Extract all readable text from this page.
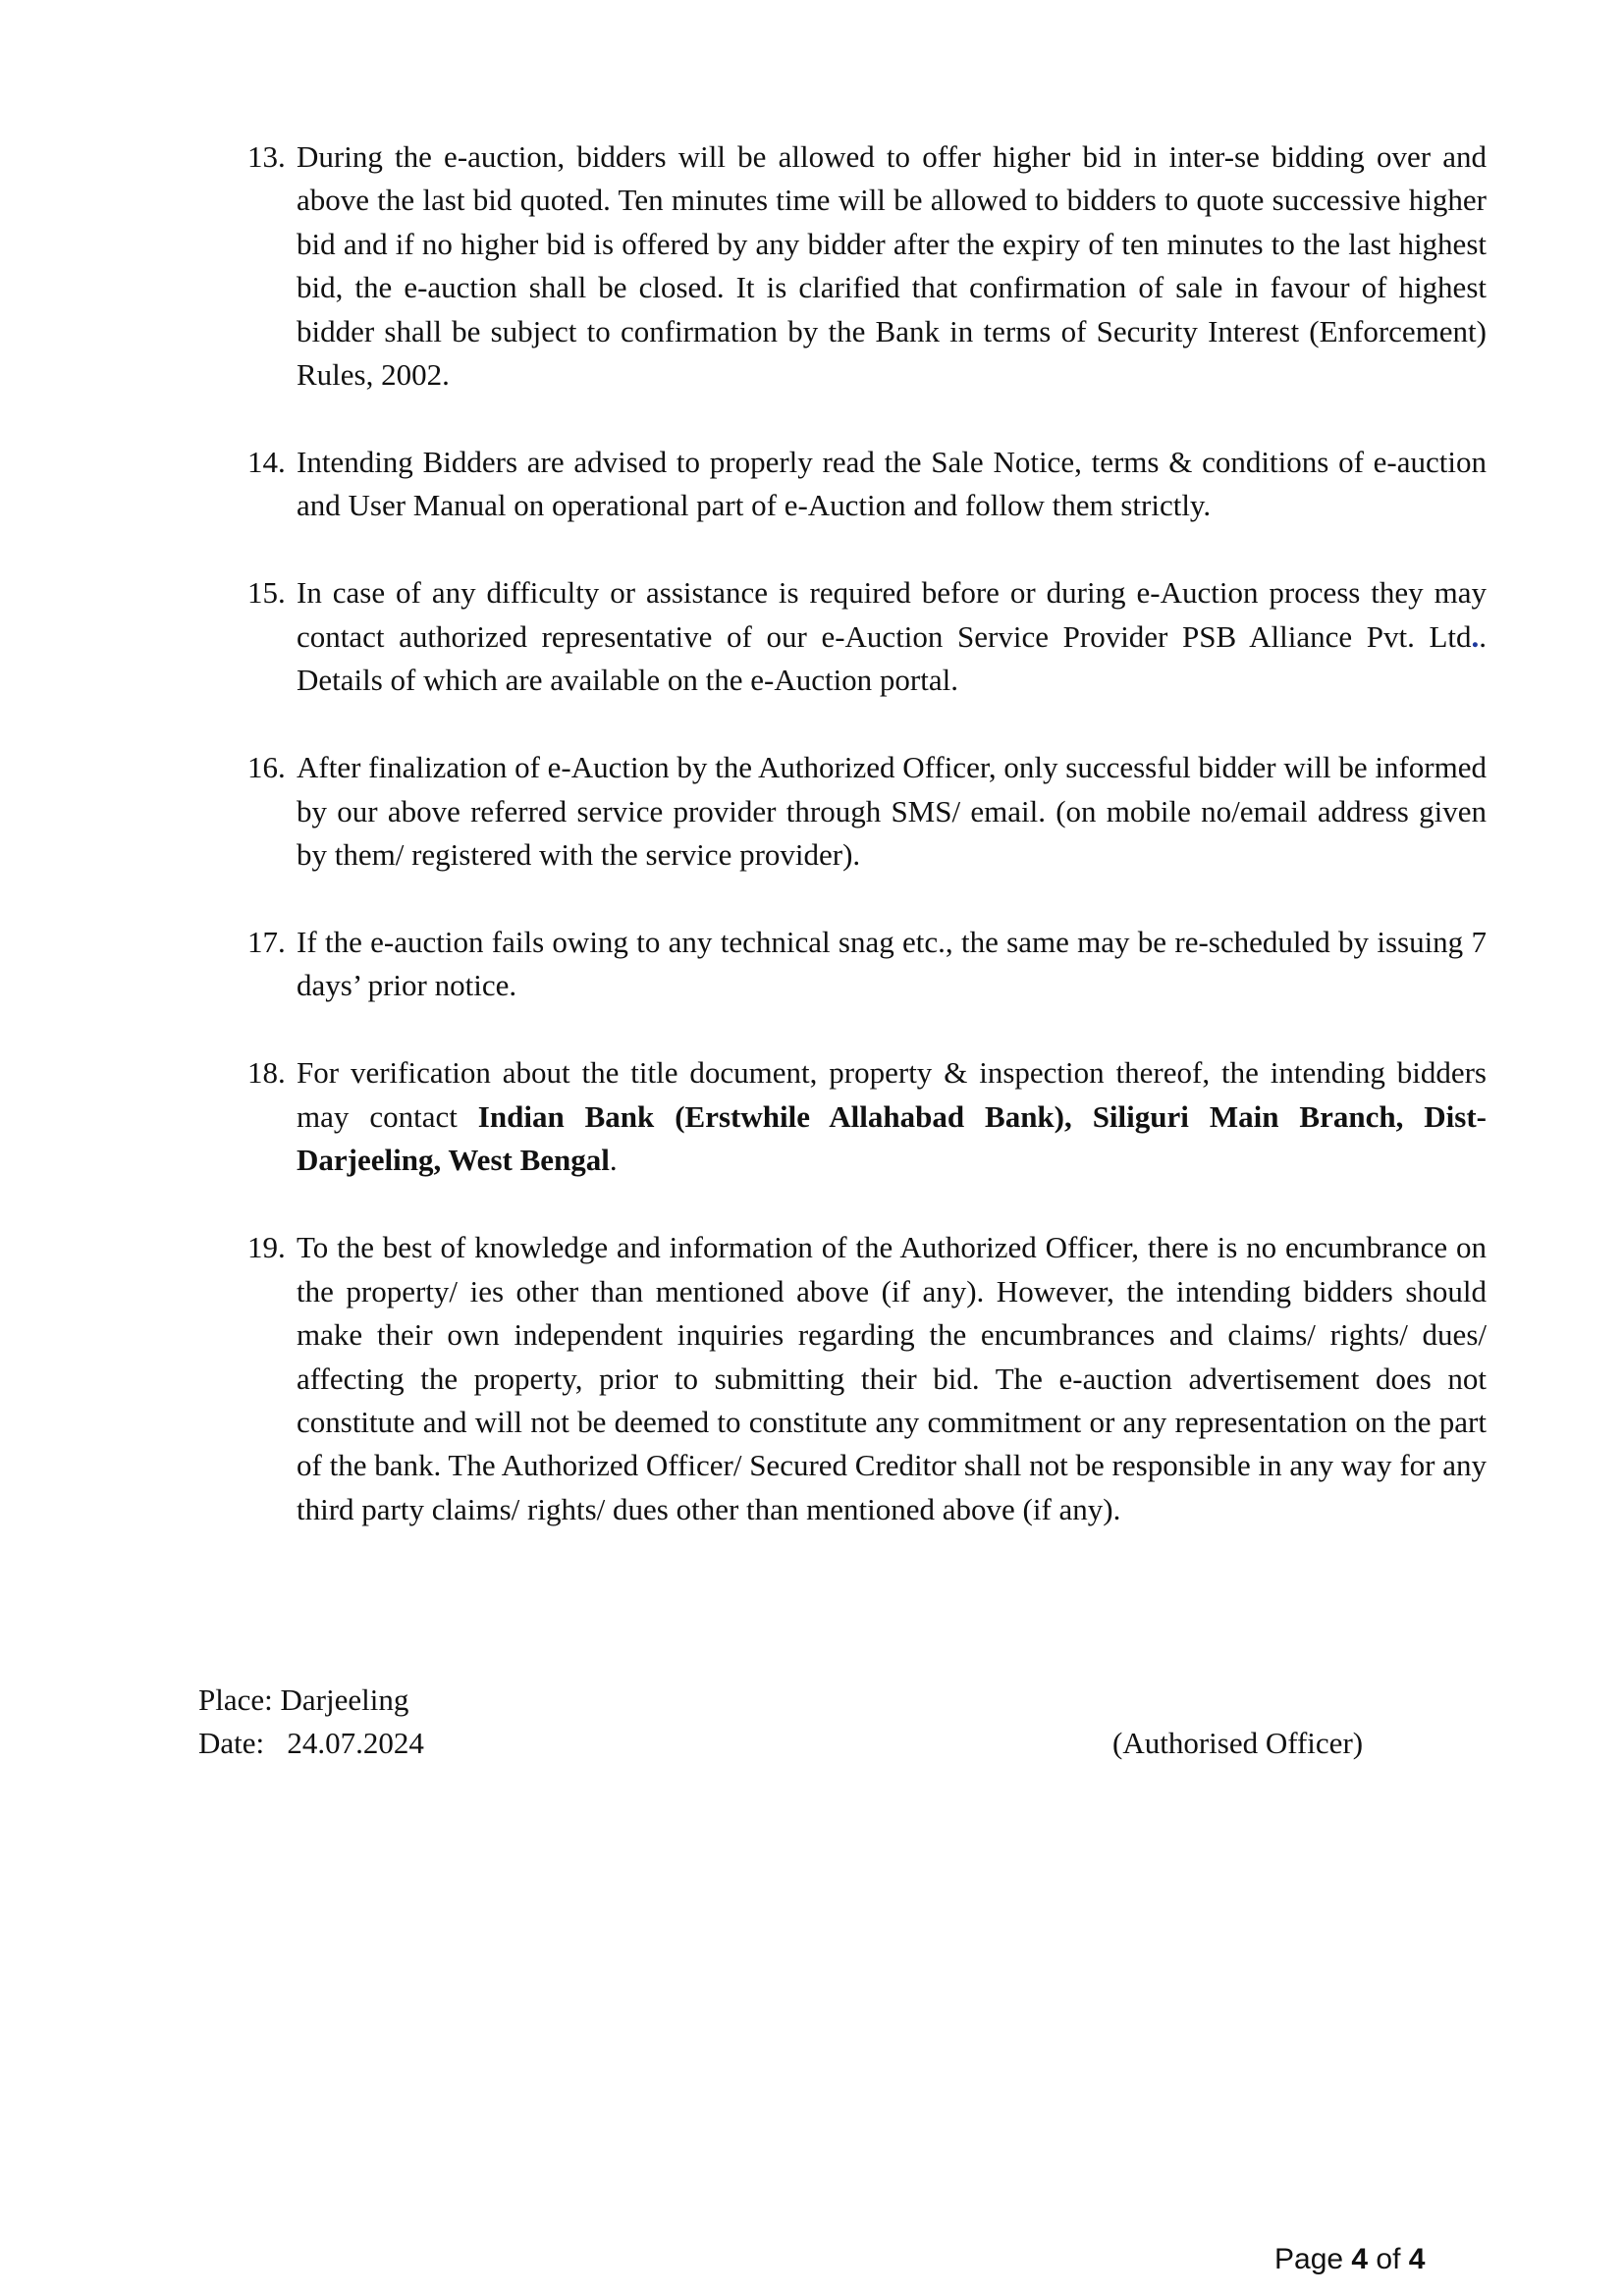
13. During the e-auction, bidders will be allowed to offer higher bid in inter-se bidding over and above the last bid quoted. Ten minutes time will be allowed to bidders to quote successive higher bid and if no higher bid is offered by any bidder after the expiry of ten minutes to the last highest bid, the e-auction shall be closed. It is clarified that confirmation of sale in favour of highest bidder shall be subject to confirmation by the Bank in terms of Security Interest (Enforcement) Rules, 2002.
14. Intending Bidders are advised to properly read the Sale Notice, terms & conditions of e-auction and User Manual on operational part of e-Auction and follow them strictly.
15. In case of any difficulty or assistance is required before or during e-Auction process they may contact authorized representative of our e-Auction Service Provider PSB Alliance Pvt. Ltd.. Details of which are available on the e-Auction portal.
16. After finalization of e-Auction by the Authorized Officer, only successful bidder will be informed by our above referred service provider through SMS/ email. (on mobile no/email address given by them/ registered with the service provider).
17. If the e-auction fails owing to any technical snag etc., the same may be re-scheduled by issuing 7 days’ prior notice.
18. For verification about the title document, property & inspection thereof, the intending bidders may contact Indian Bank (Erstwhile Allahabad Bank), Siliguri Main Branch, Dist- Darjeeling, West Bengal.
19. To the best of knowledge and information of the Authorized Officer, there is no encumbrance on the property/ ies other than mentioned above (if any). However, the intending bidders should make their own independent inquiries regarding the encumbrances and claims/ rights/ dues/ affecting the property, prior to submitting their bid. The e-auction advertisement does not constitute and will not be deemed to constitute any commitment or any representation on the part of the bank. The Authorized Officer/ Secured Creditor shall not be responsible in any way for any third party claims/ rights/ dues other than mentioned above (if any).
Place: Darjeeling
Date: 24.07.2024	(Authorised Officer)
Page 4 of 4
